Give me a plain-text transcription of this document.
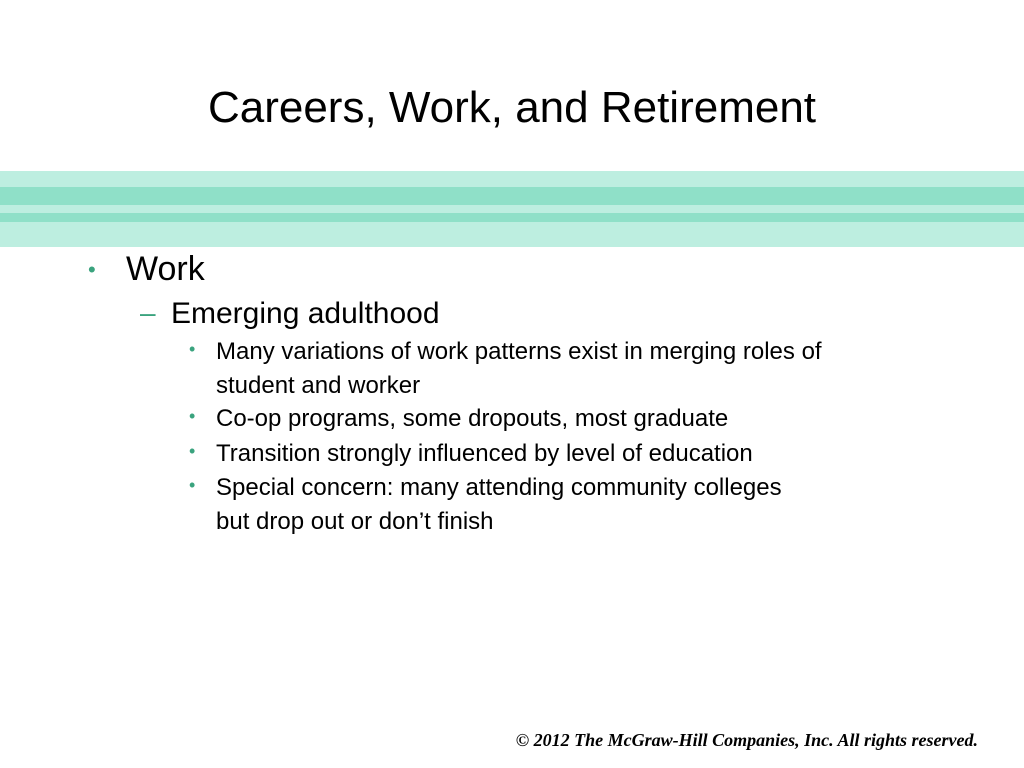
Careers, Work, and Retirement
• Work
– Emerging adulthood
• Many variations of work patterns exist in merging roles of
student and worker
• Co-op programs, some dropouts, most graduate
• Transition strongly influenced by level of education
• Special concern: many attending community colleges
but drop out or don’t finish
© 2012 The McGraw-Hill Companies, Inc. All rights reserved.
